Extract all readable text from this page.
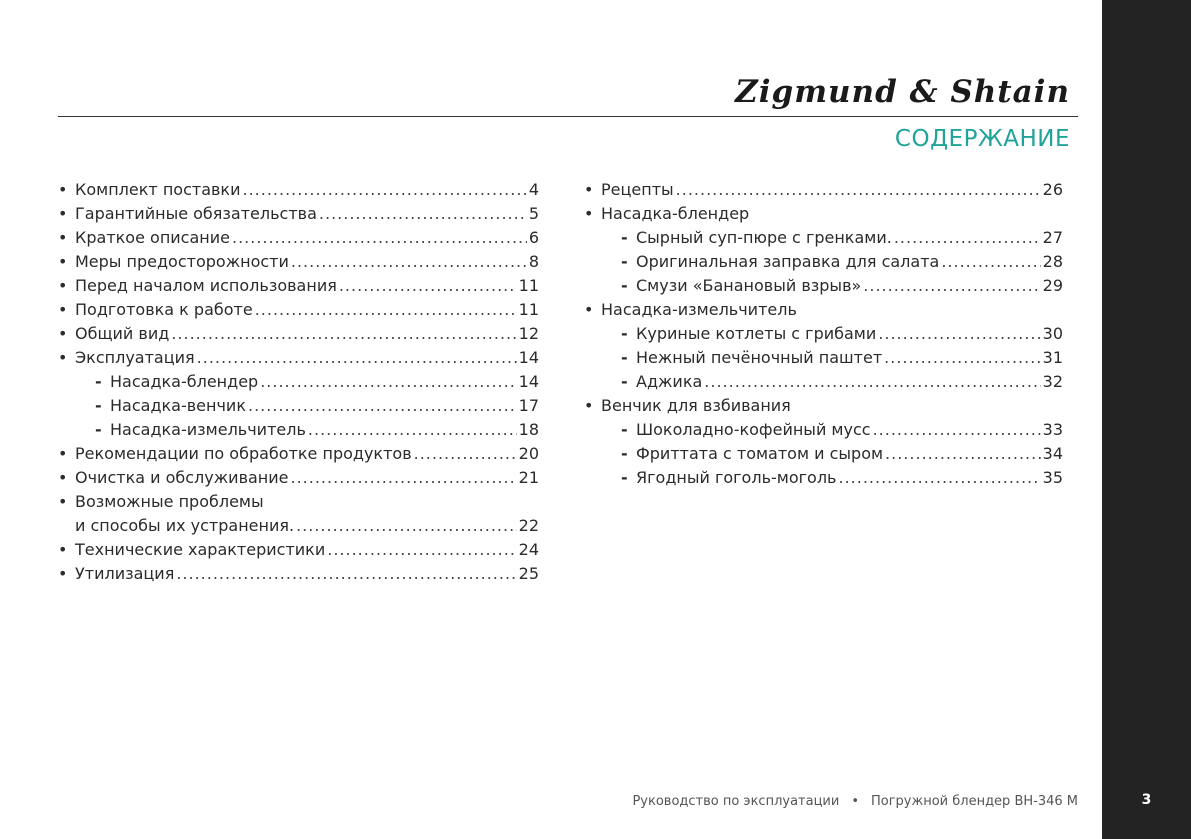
3
Zigmund & Shtain
СОДЕРЖАНИЕ
• Комплект поставки .....	4
• Гарантийные обязательства .....	5
• Краткое описание .....	6
• Меры предосторожности .....	8
• Перед началом использования .....	11
• Подготовка к работе .....	11
• Общий вид .....	12
• Эксплуатация .....	14
- Насадка-блендер .....	14
- Насадка-венчик .....	17
- Насадка-измельчитель .....	18
• Рекомендации по обработке продуктов .....	20
• Очистка и обслуживание .....	21
• Возможные проблемы
и способы их устранения. .....	22
• Технические характеристики .....	24
• Утилизация .....	25
• Рецепты .....	26
• Насадка-блендер
- Сырный суп-пюре с гренками. .....	27
- Оригинальная заправка для салата .....	28
- Смузи «Банановый взрыв» .....	29
• Насадка-измельчитель
- Куриные котлеты с грибами .....	30
- Нежный печёночный паштет .....	31
- Аджика .....	32
• Венчик для взбивания
- Шоколадно-кофейный мусс .....	33
- Фриттата с томатом и сыром .....	34
- Ягодный гоголь-моголь .....	35
Руководство по эксплуатации • Погружной блендер BH-346 M
